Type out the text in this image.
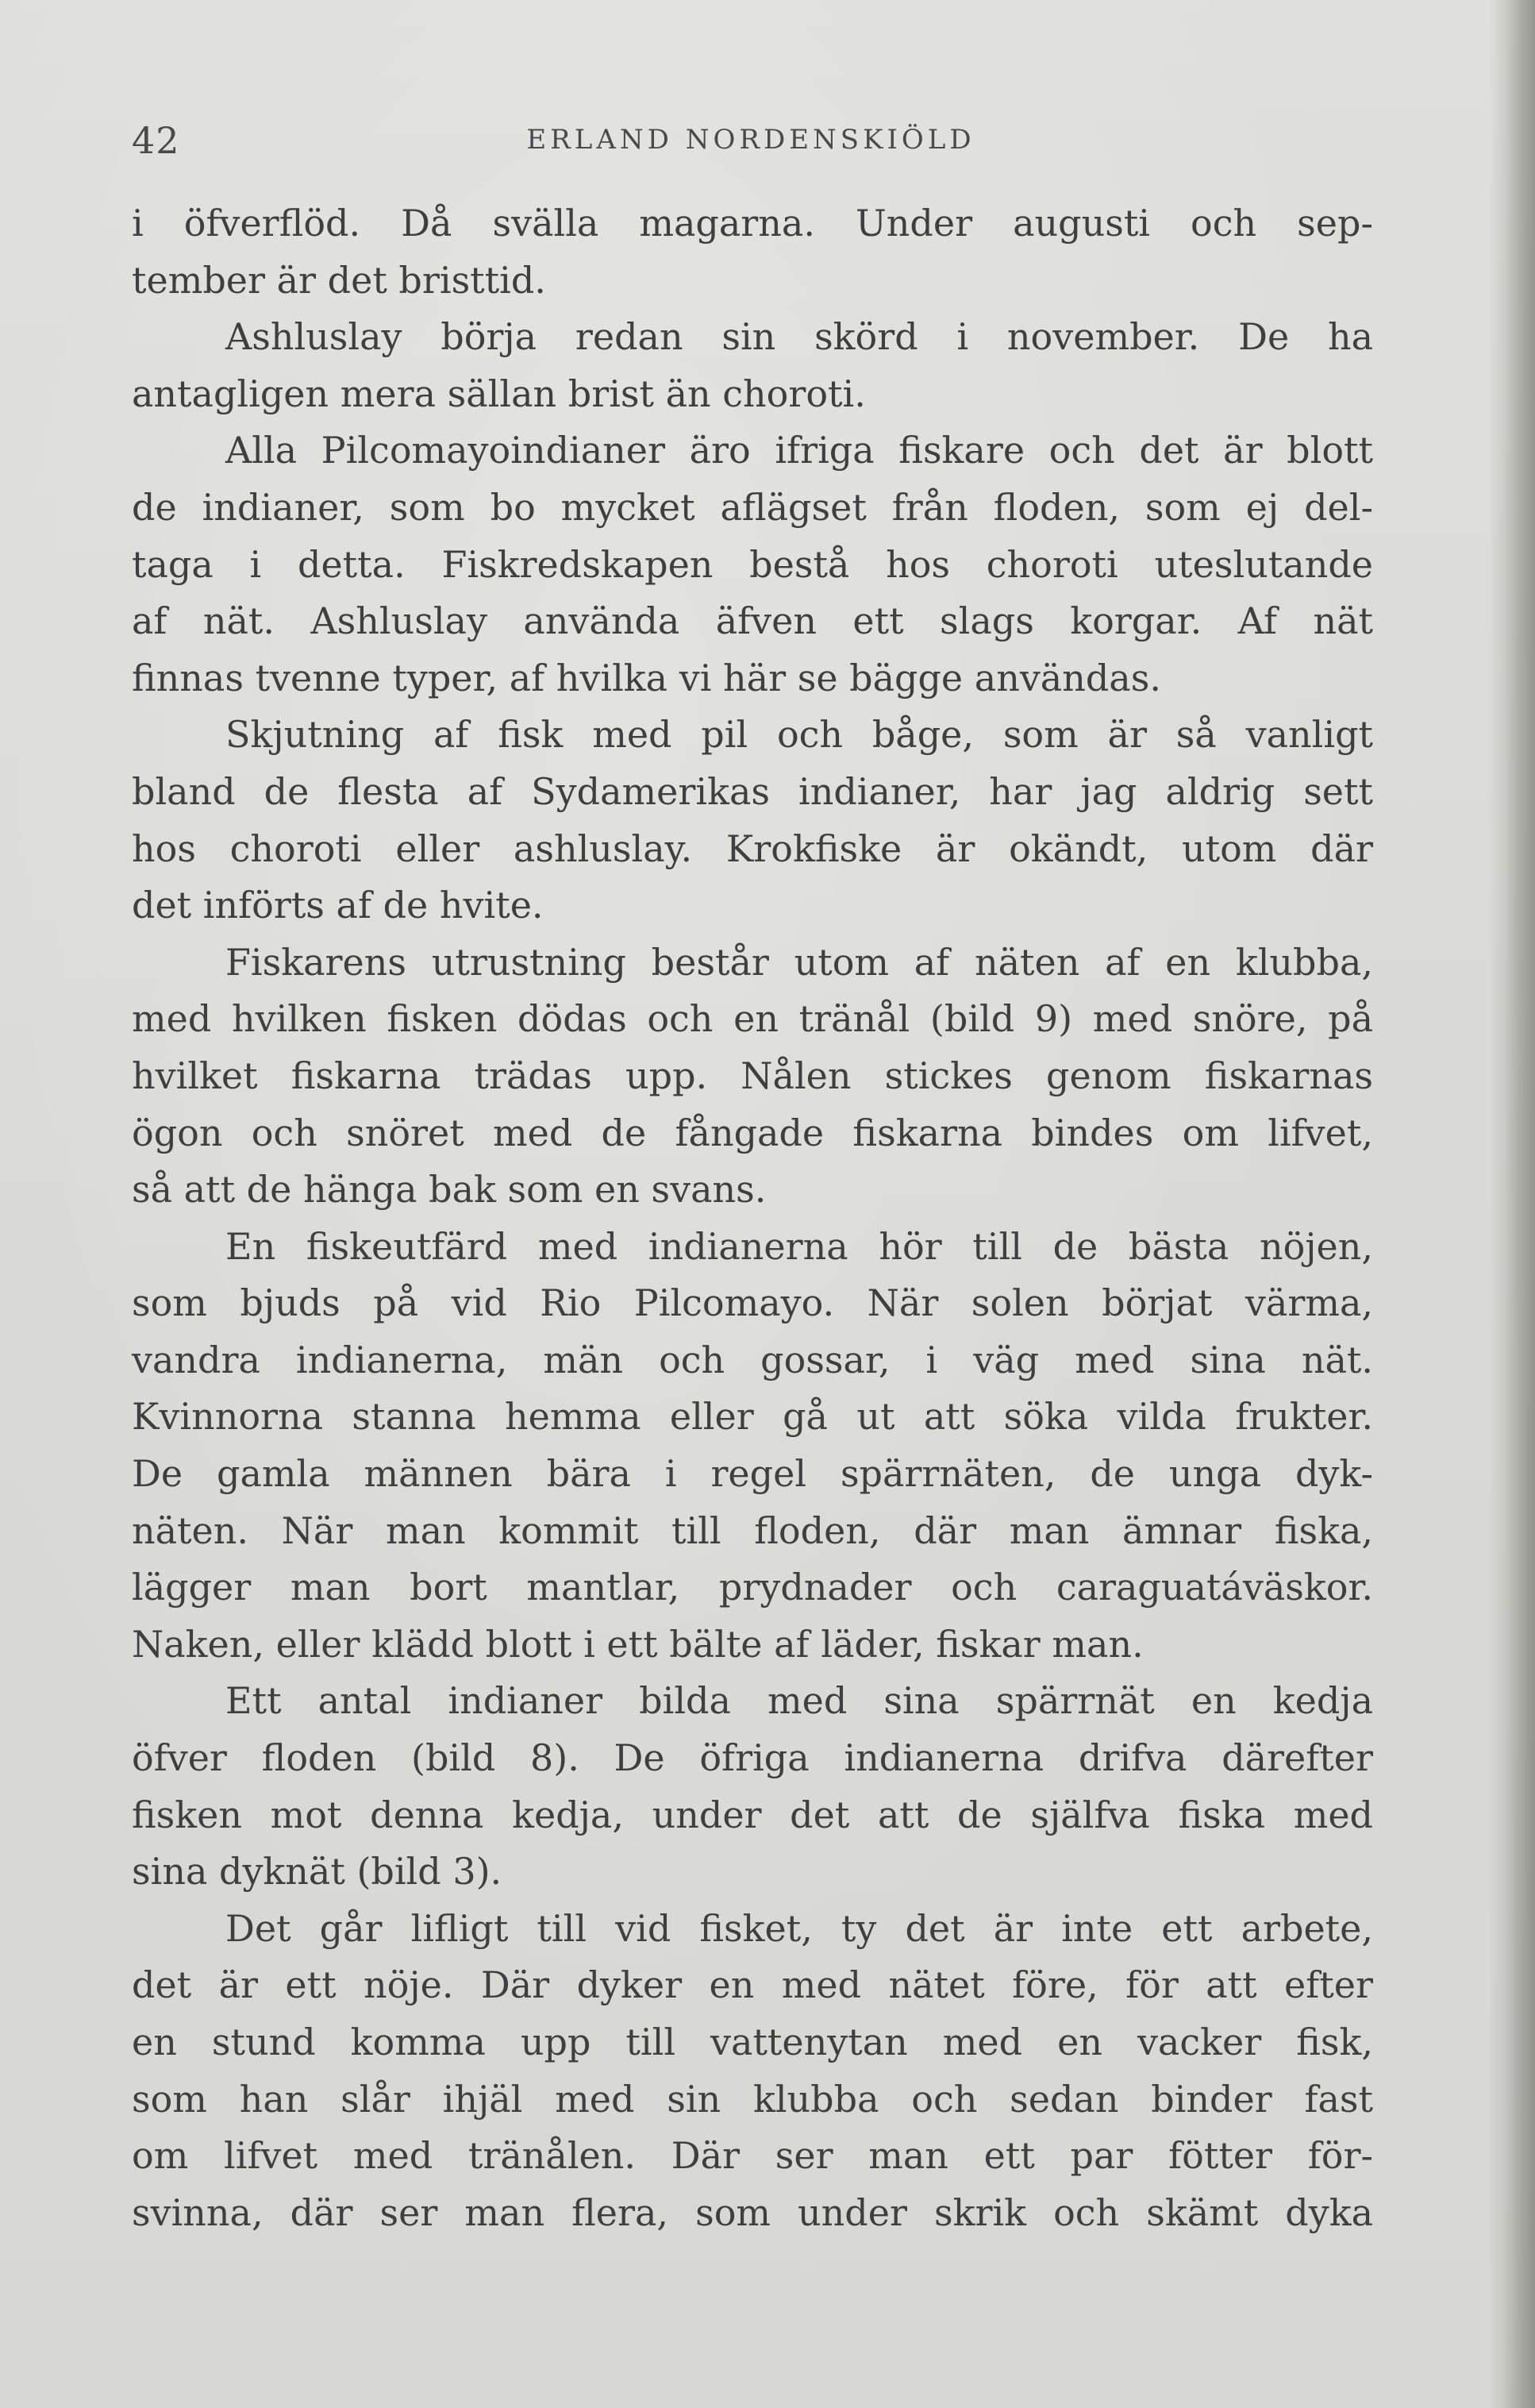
42	ERLAND NORDENSKIÖLD
i öfverflöd. Då svälla magarna. Under augusti och sep-
tember är det bristtid.
Ashluslay börja redan sin skörd i november. De ha
antagligen mera sällan brist än choroti.
Alla Pilcomayoindianer äro ifriga fiskare och det är blott
de indianer, som bo mycket aflägset från floden, som ej del-
taga i detta. Fiskredskapen bestå hos choroti uteslutande
af nät. Ashluslay använda äfven ett slags korgar. Af nät
finnas tvenne typer, af hvilka vi här se bägge användas.
Skjutning af fisk med pil och båge, som är så vanligt
bland de flesta af Sydamerikas indianer, har jag aldrig sett
hos choroti eller ashluslay. Krokfiske är okändt, utom där
det införts af de hvite.
Fiskarens utrustning består utom af näten af en klubba,
med hvilken fisken dödas och en tränål (bild 9) med snöre, på
hvilket fiskarna trädas upp. Nålen stickes genom fiskarnas
ögon och snöret med de fångade fiskarna bindes om lifvet,
så att de hänga bak som en svans.
En fiskeutfärd med indianerna hör till de bästa nöjen,
som bjuds på vid Rio Pilcomayo. När solen börjat värma,
vandra indianerna, män och gossar, i väg med sina nät.
Kvinnorna stanna hemma eller gå ut att söka vilda frukter.
De gamla männen bära i regel spärrnäten, de unga dyk-
näten. När man kommit till floden, där man ämnar fiska,
lägger man bort mantlar, prydnader och caraguatáväskor.
Naken, eller klädd blott i ett bälte af läder, fiskar man.
Ett antal indianer bilda med sina spärrnät en kedja
öfver floden (bild 8). De öfriga indianerna drifva därefter
fisken mot denna kedja, under det att de själfva fiska med
sina dyknät (bild 3).
Det går lifligt till vid fisket, ty det är inte ett arbete,
det är ett nöje. Där dyker en med nätet före, för att efter
en stund komma upp till vattenytan med en vacker fisk,
som han slår ihjäl med sin klubba och sedan binder fast
om lifvet med tränålen. Där ser man ett par fötter för-
svinna, där ser man flera, som under skrik och skämt dyka
